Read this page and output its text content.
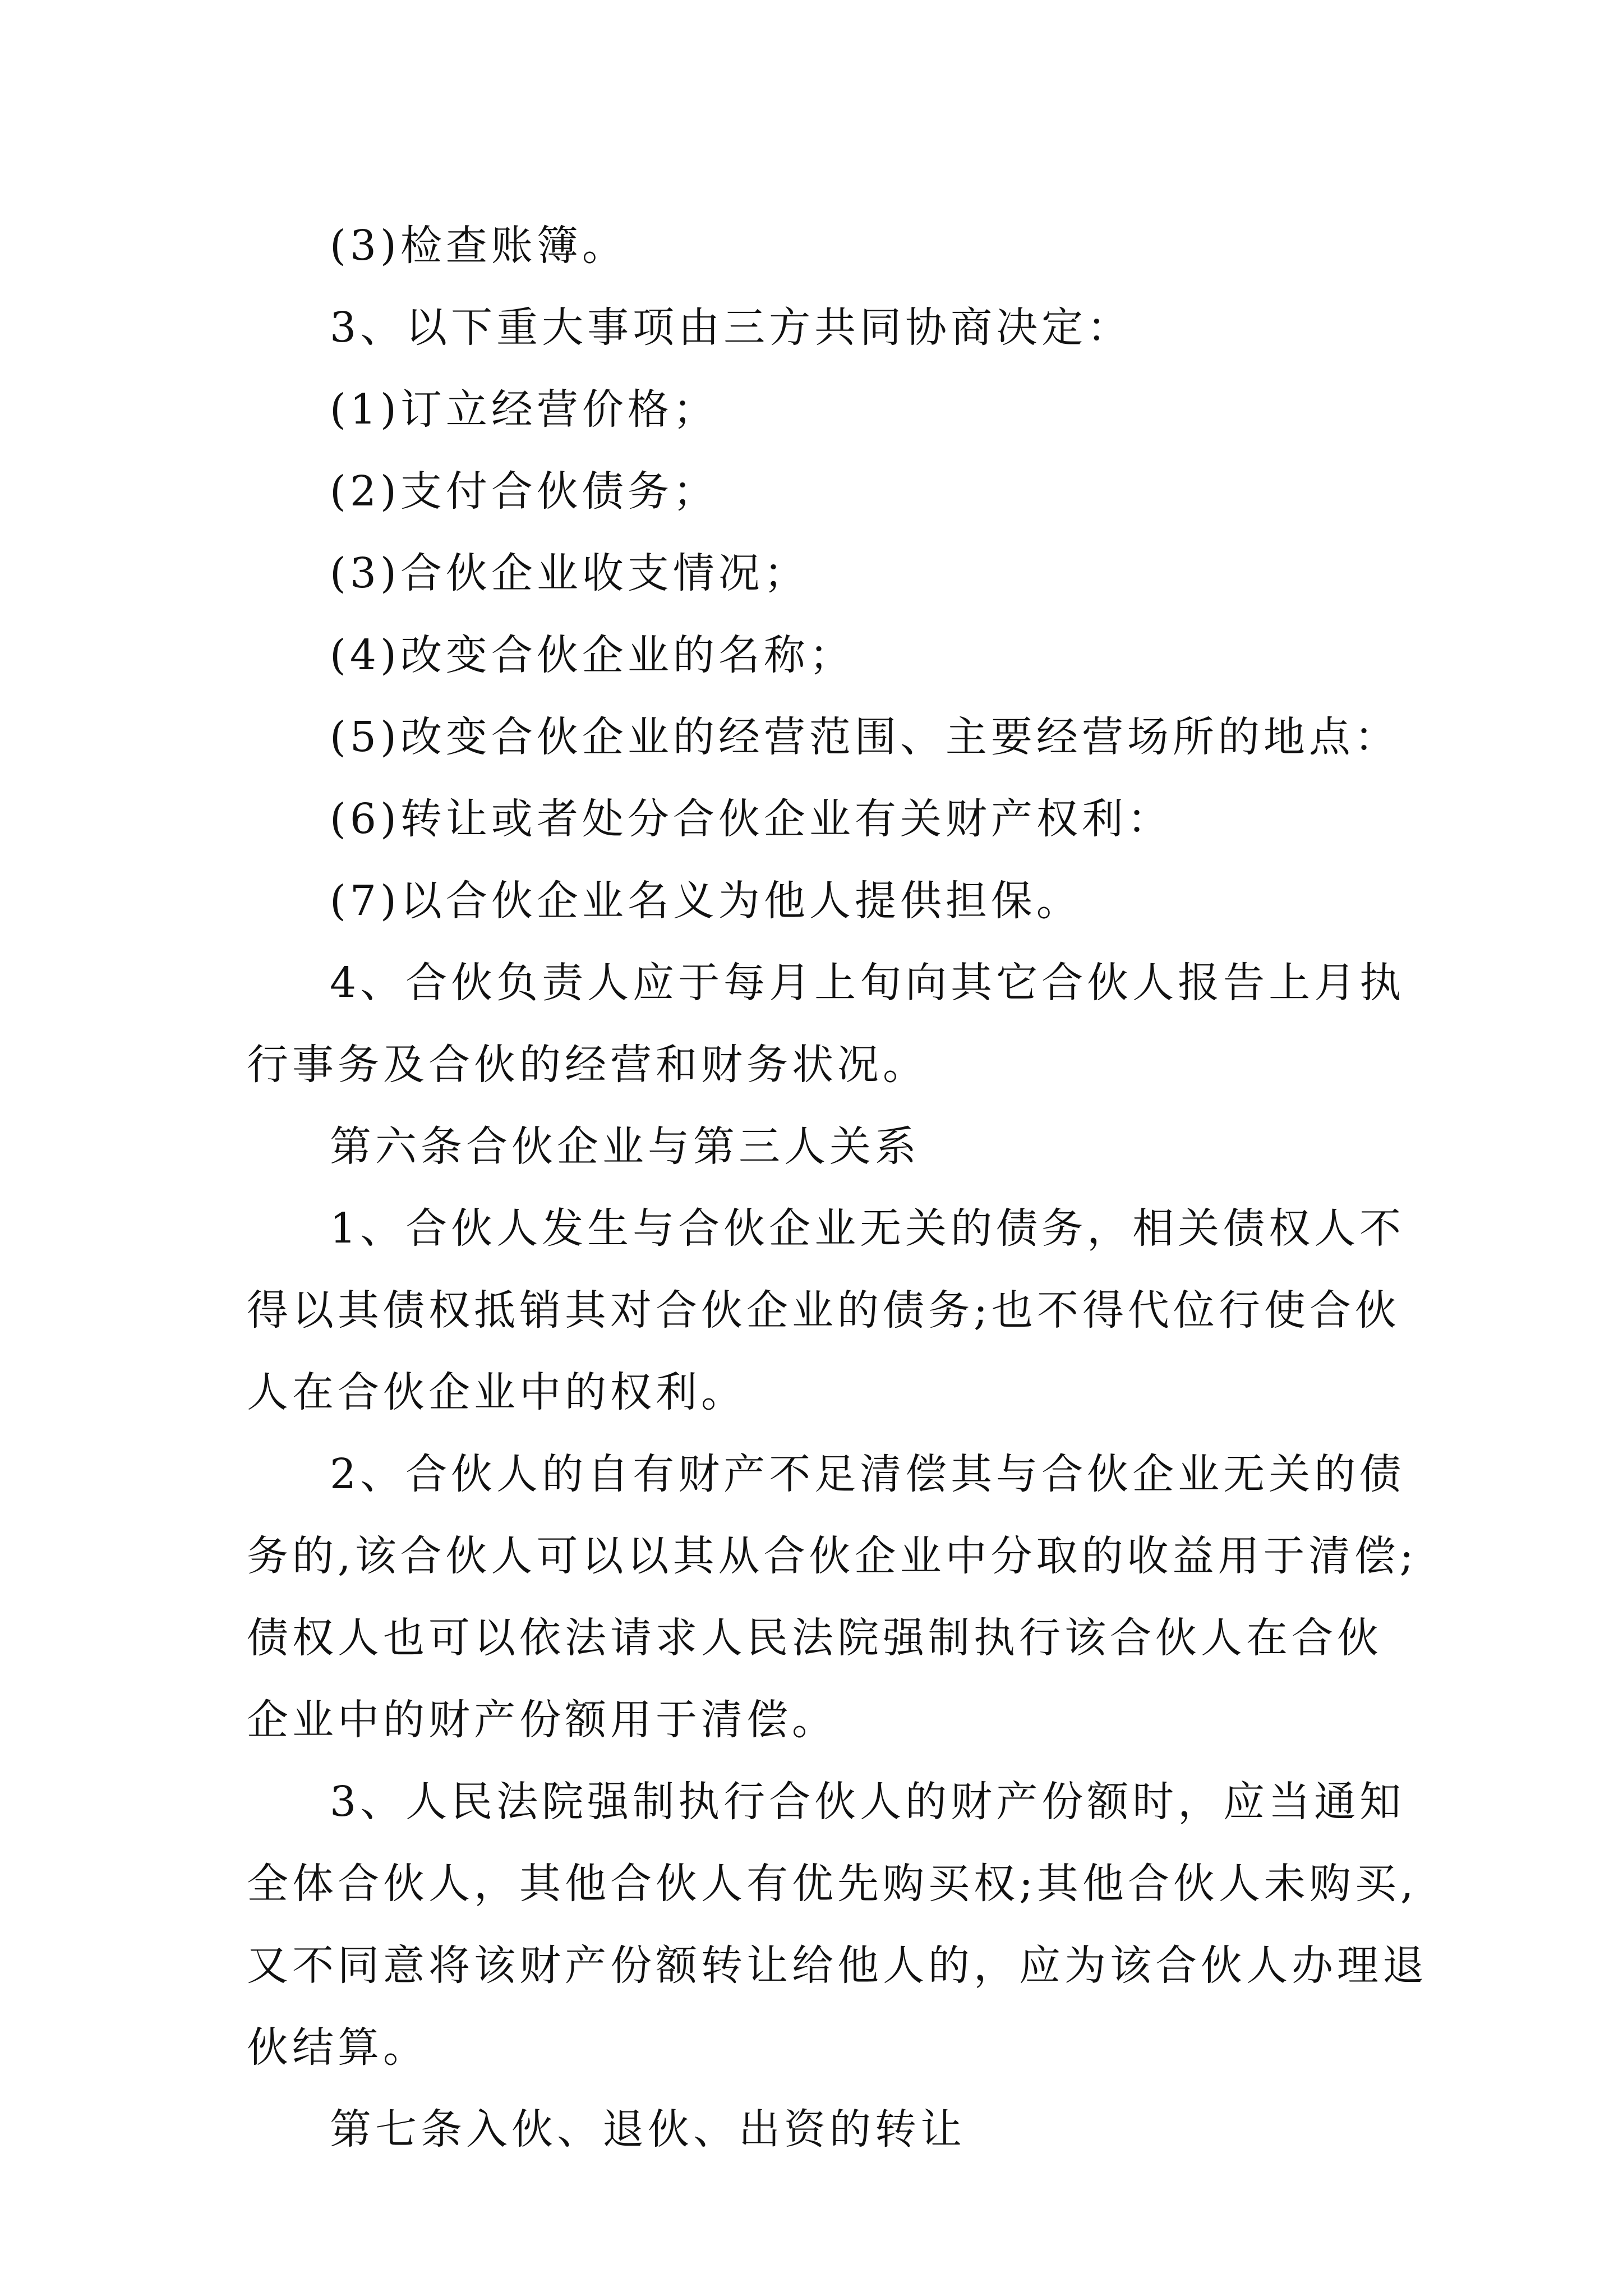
(3)检查账簿。
3、以下重大事项由三方共同协商决定：
(1)订立经营价格；
(2)支付合伙债务；
(3)合伙企业收支情况；
(4)改变合伙企业的名称；
(5)改变合伙企业的经营范围、主要经营场所的地点：
(6)转让或者处分合伙企业有关财产权利：
(7)以合伙企业名义为他人提供担保。
4、合伙负责人应于每月上旬向其它合伙人报告上月执
行事务及合伙的经营和财务状况。
第六条合伙企业与第三人关系
1、合伙人发生与合伙企业无关的债务，相关债权人不
得以其债权抵销其对合伙企业的债务;也不得代位行使合伙
人在合伙企业中的权利。
2、合伙人的自有财产不足清偿其与合伙企业无关的债
务的,该合伙人可以以其从合伙企业中分取的收益用于清偿;
债权人也可以依法请求人民法院强制执行该合伙人在合伙
企业中的财产份额用于清偿。
3、人民法院强制执行合伙人的财产份额时，应当通知
全体合伙人，其他合伙人有优先购买权;其他合伙人未购买,
又不同意将该财产份额转让给他人的，应为该合伙人办理退
伙结算。
第七条入伙、退伙、出资的转让
